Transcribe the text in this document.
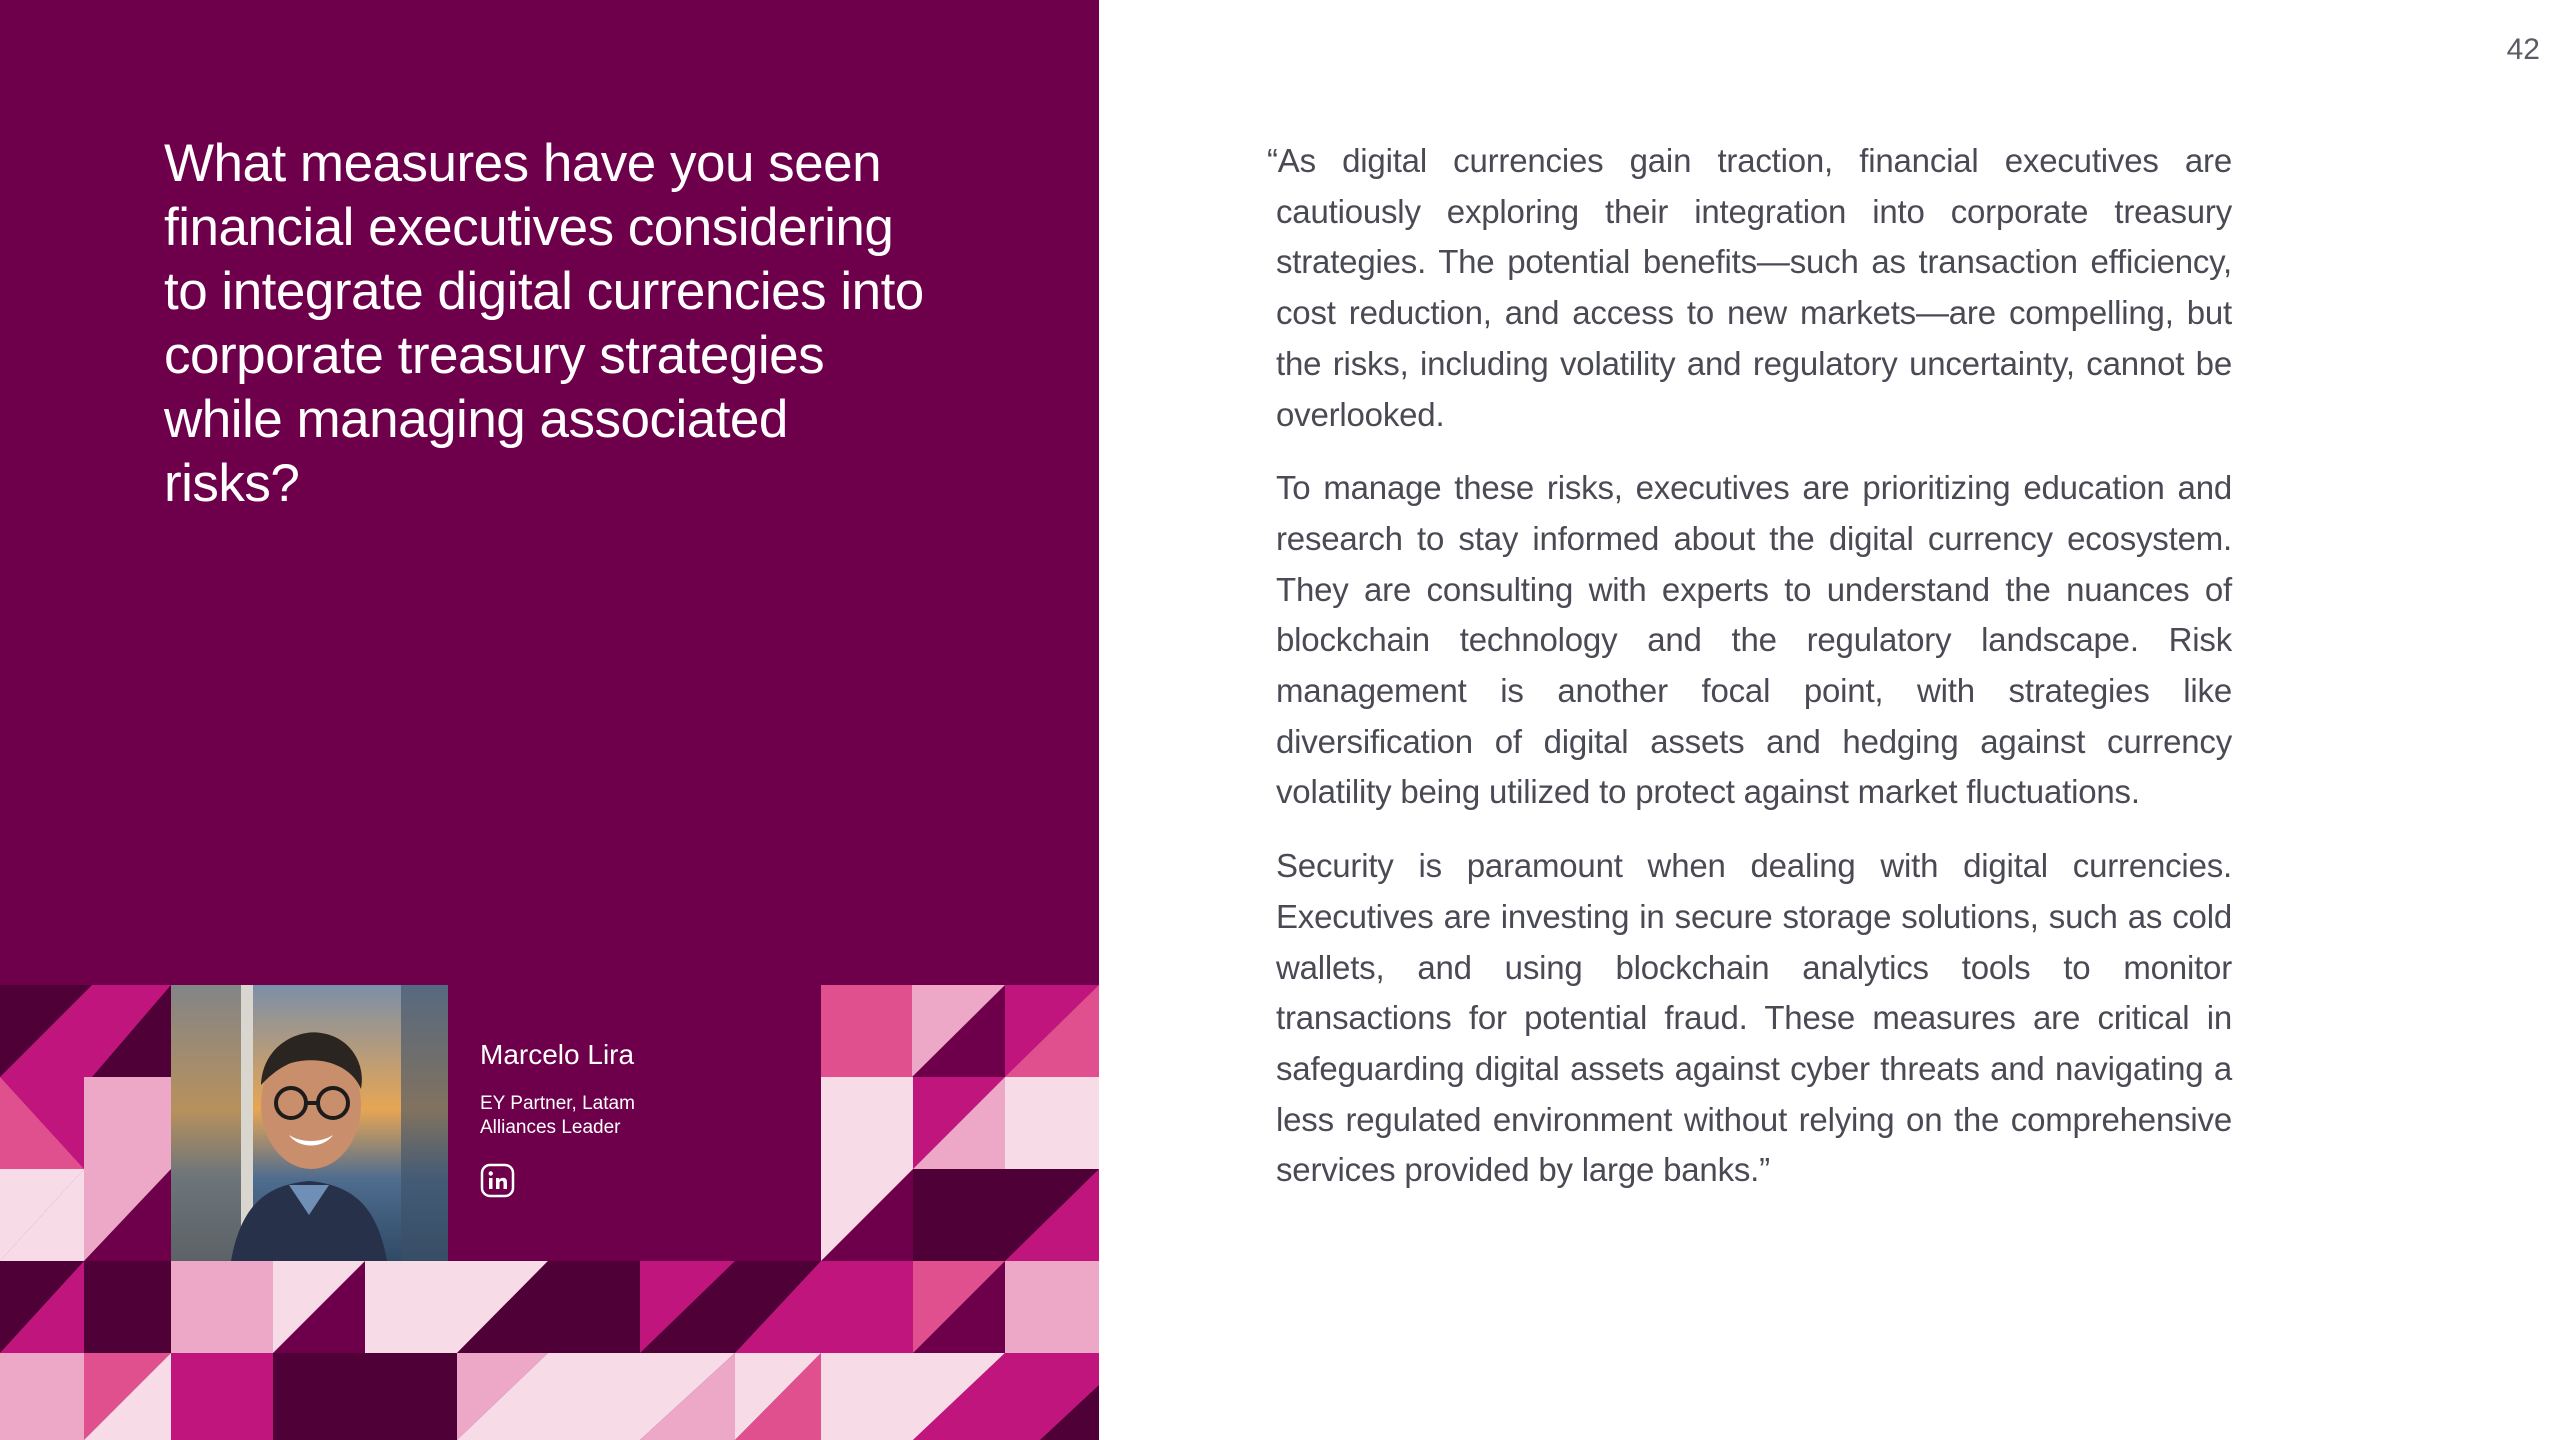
What measures have you seen financial executives considering to integrate digital currencies into corporate treasury strategies while managing associated risks?
Marcelo Lira
EY Partner, Latam
Alliances Leader
42

“As digital currencies gain traction, financial executives are cautiously exploring their integration into corporate treasury strategies. The potential benefits—such as transaction efficiency, cost reduction, and access to new markets—are compelling, but the risks, including volatility and regulatory uncertainty, cannot be overlooked.

To manage these risks, executives are prioritizing education and research to stay informed about the digital currency ecosystem. They are consulting with experts to understand the nuances of blockchain technology and the regulatory landscape. Risk management is another focal point, with strategies like diversification of digital assets and hedging against currency volatility being utilized to protect against market fluctuations.

Security is paramount when dealing with digital currencies. Executives are investing in secure storage solutions, such as cold wallets, and using blockchain analytics tools to monitor transactions for potential fraud. These measures are critical in safeguarding digital assets against cyber threats and navigating a less regulated environment without relying on the comprehensive services provided by large banks.”
